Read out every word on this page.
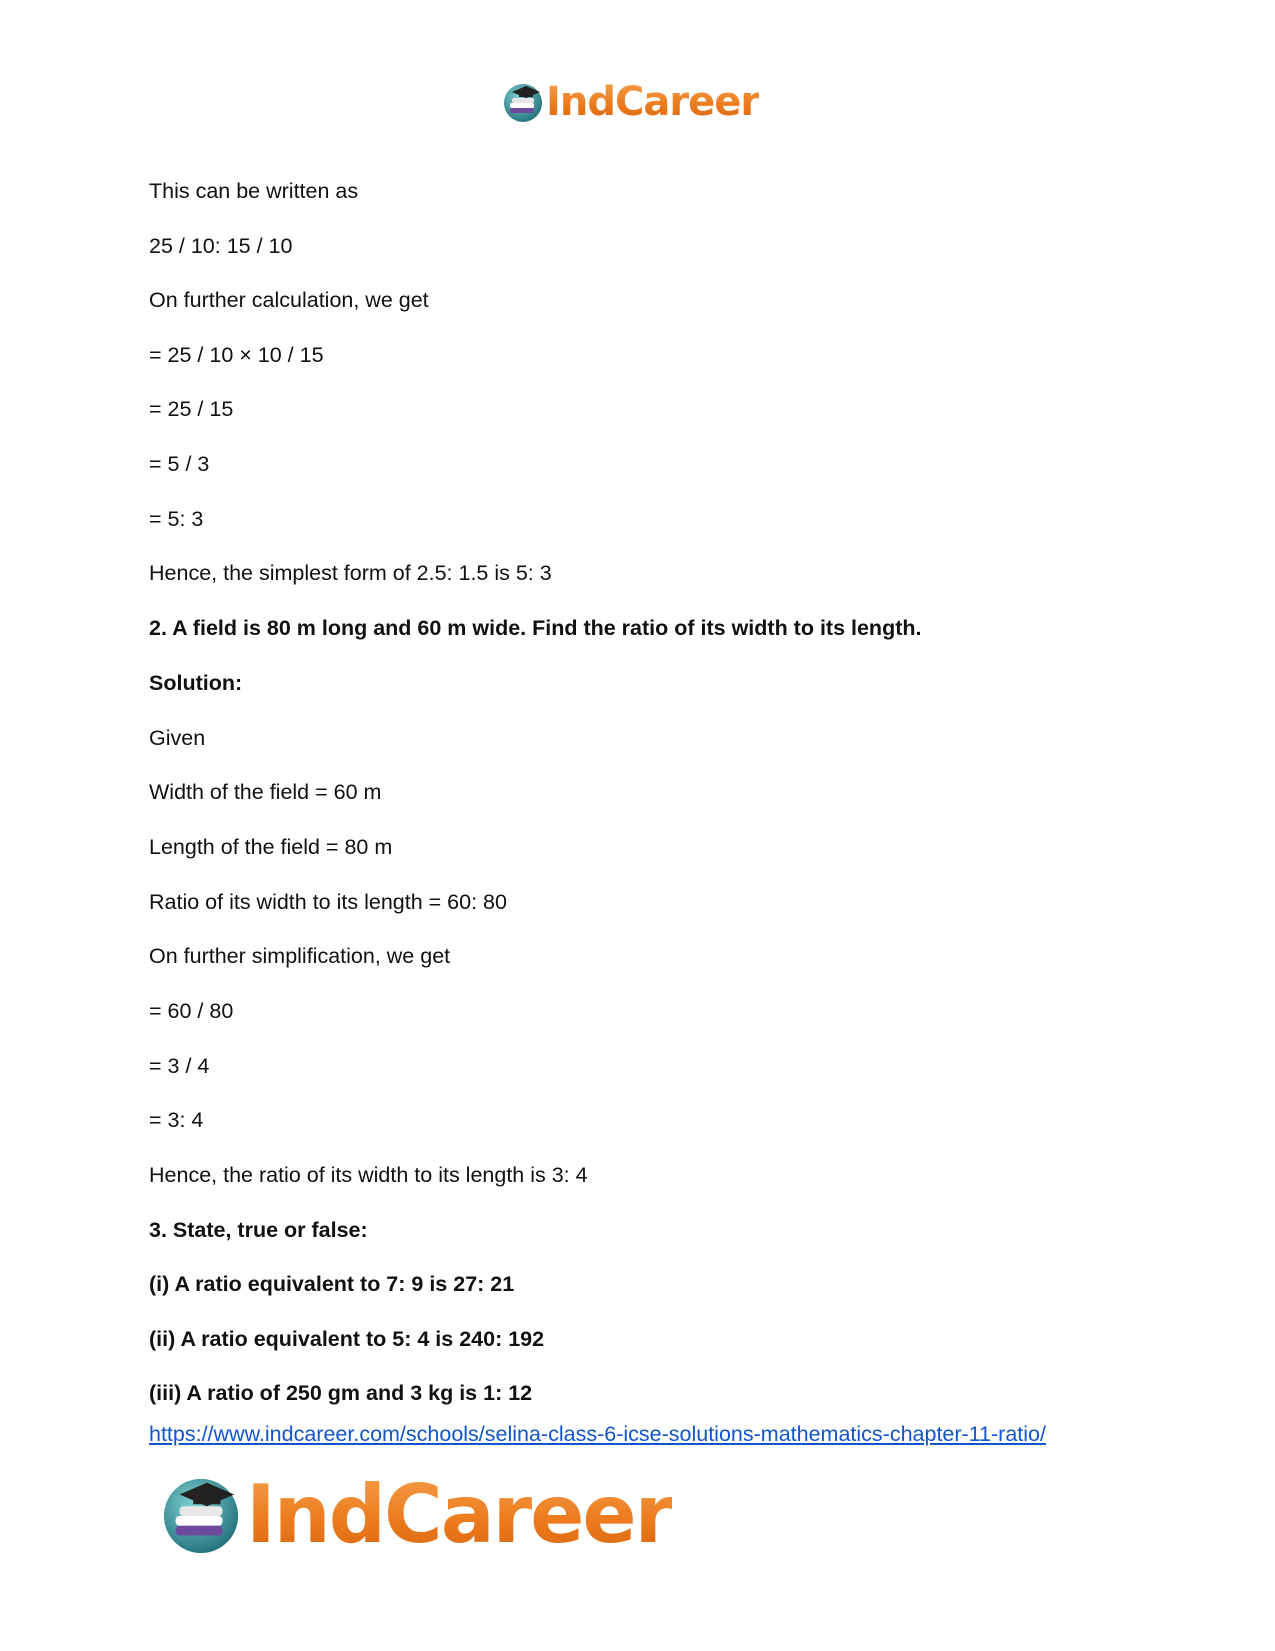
IndCareer
This can be written as
25 / 10: 15 / 10
On further calculation, we get
= 25 / 10 × 10 / 15
= 25 / 15
= 5 / 3
= 5: 3
Hence, the simplest form of 2.5: 1.5 is 5: 3
2. A field is 80 m long and 60 m wide. Find the ratio of its width to its length.
Solution:
Given
Width of the field = 60 m
Length of the field = 80 m
Ratio of its width to its length = 60: 80
On further simplification, we get
= 60 / 80
= 3 / 4
= 3: 4
Hence, the ratio of its width to its length is 3: 4
3. State, true or false:
(i) A ratio equivalent to 7: 9 is 27: 21
(ii) A ratio equivalent to 5: 4 is 240: 192
(iii) A ratio of 250 gm and 3 kg is 1: 12
https://www.indcareer.com/schools/selina-class-6-icse-solutions-mathematics-chapter-11-ratio/
IndCareer
